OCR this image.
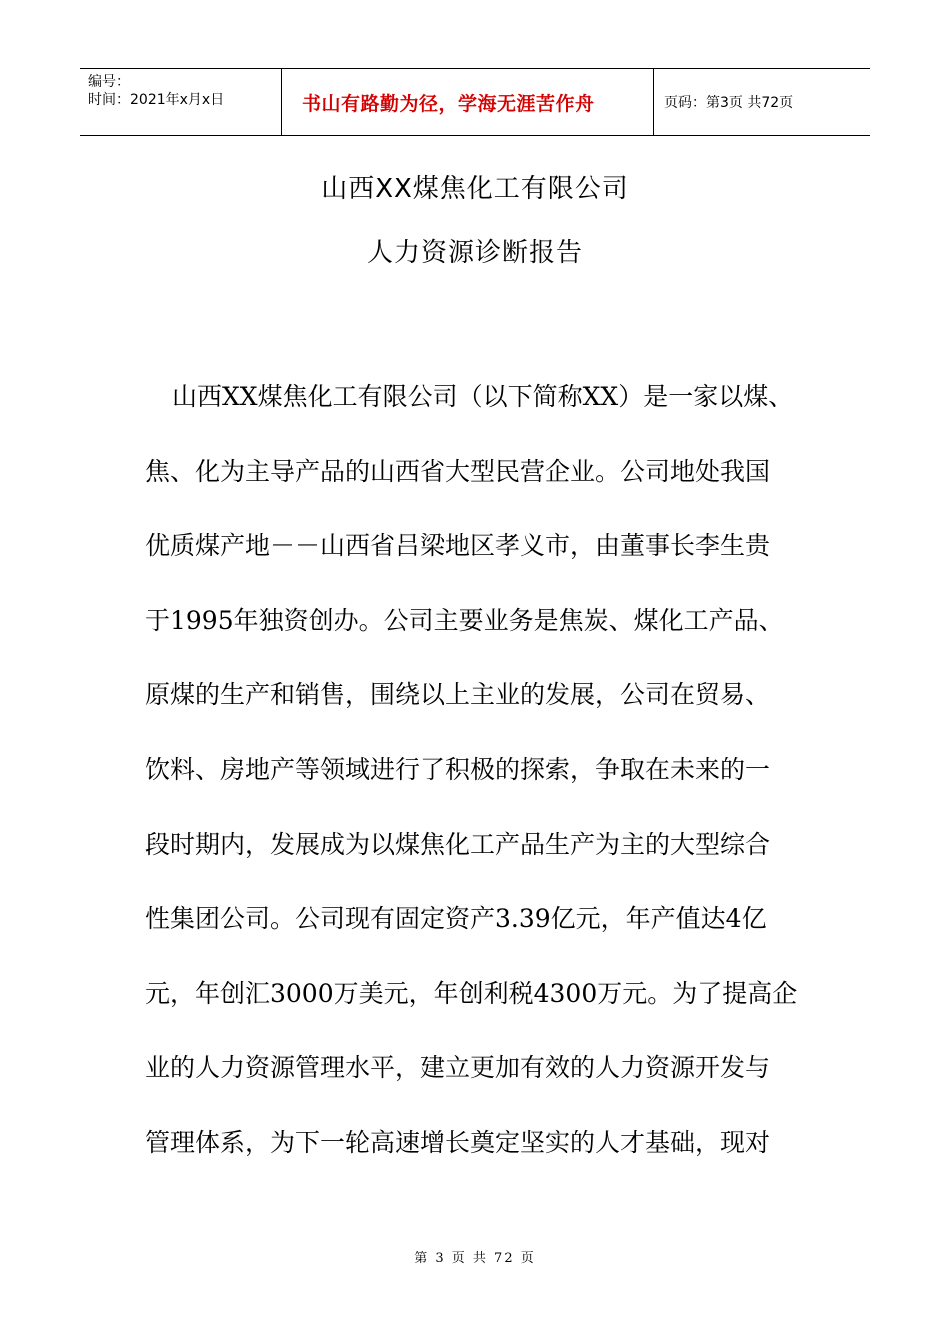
编号：
时间：2021年x月x日	书山有路勤为径，学海无涯苦作舟	页码：第3页 共72页
山西XX煤焦化工有限公司
人力资源诊断报告
山西XX煤焦化工有限公司（以下简称XX）是一家以煤、
焦、化为主导产品的山西省大型民营企业。公司地处我国
优质煤产地－－山西省吕梁地区孝义市，由董事长李生贵
于1995年独资创办。公司主要业务是焦炭、煤化工产品、
原煤的生产和销售，围绕以上主业的发展，公司在贸易、
饮料、房地产等领域进行了积极的探索，争取在未来的一
段时期内，发展成为以煤焦化工产品生产为主的大型综合
性集团公司。公司现有固定资产3.39亿元，年产值达4亿
元，年创汇3000万美元，年创利税4300万元。为了提高企
业的人力资源管理水平，建立更加有效的人力资源开发与
管理体系，为下一轮高速增长奠定坚实的人才基础，现对
第 3 页 共 72 页
